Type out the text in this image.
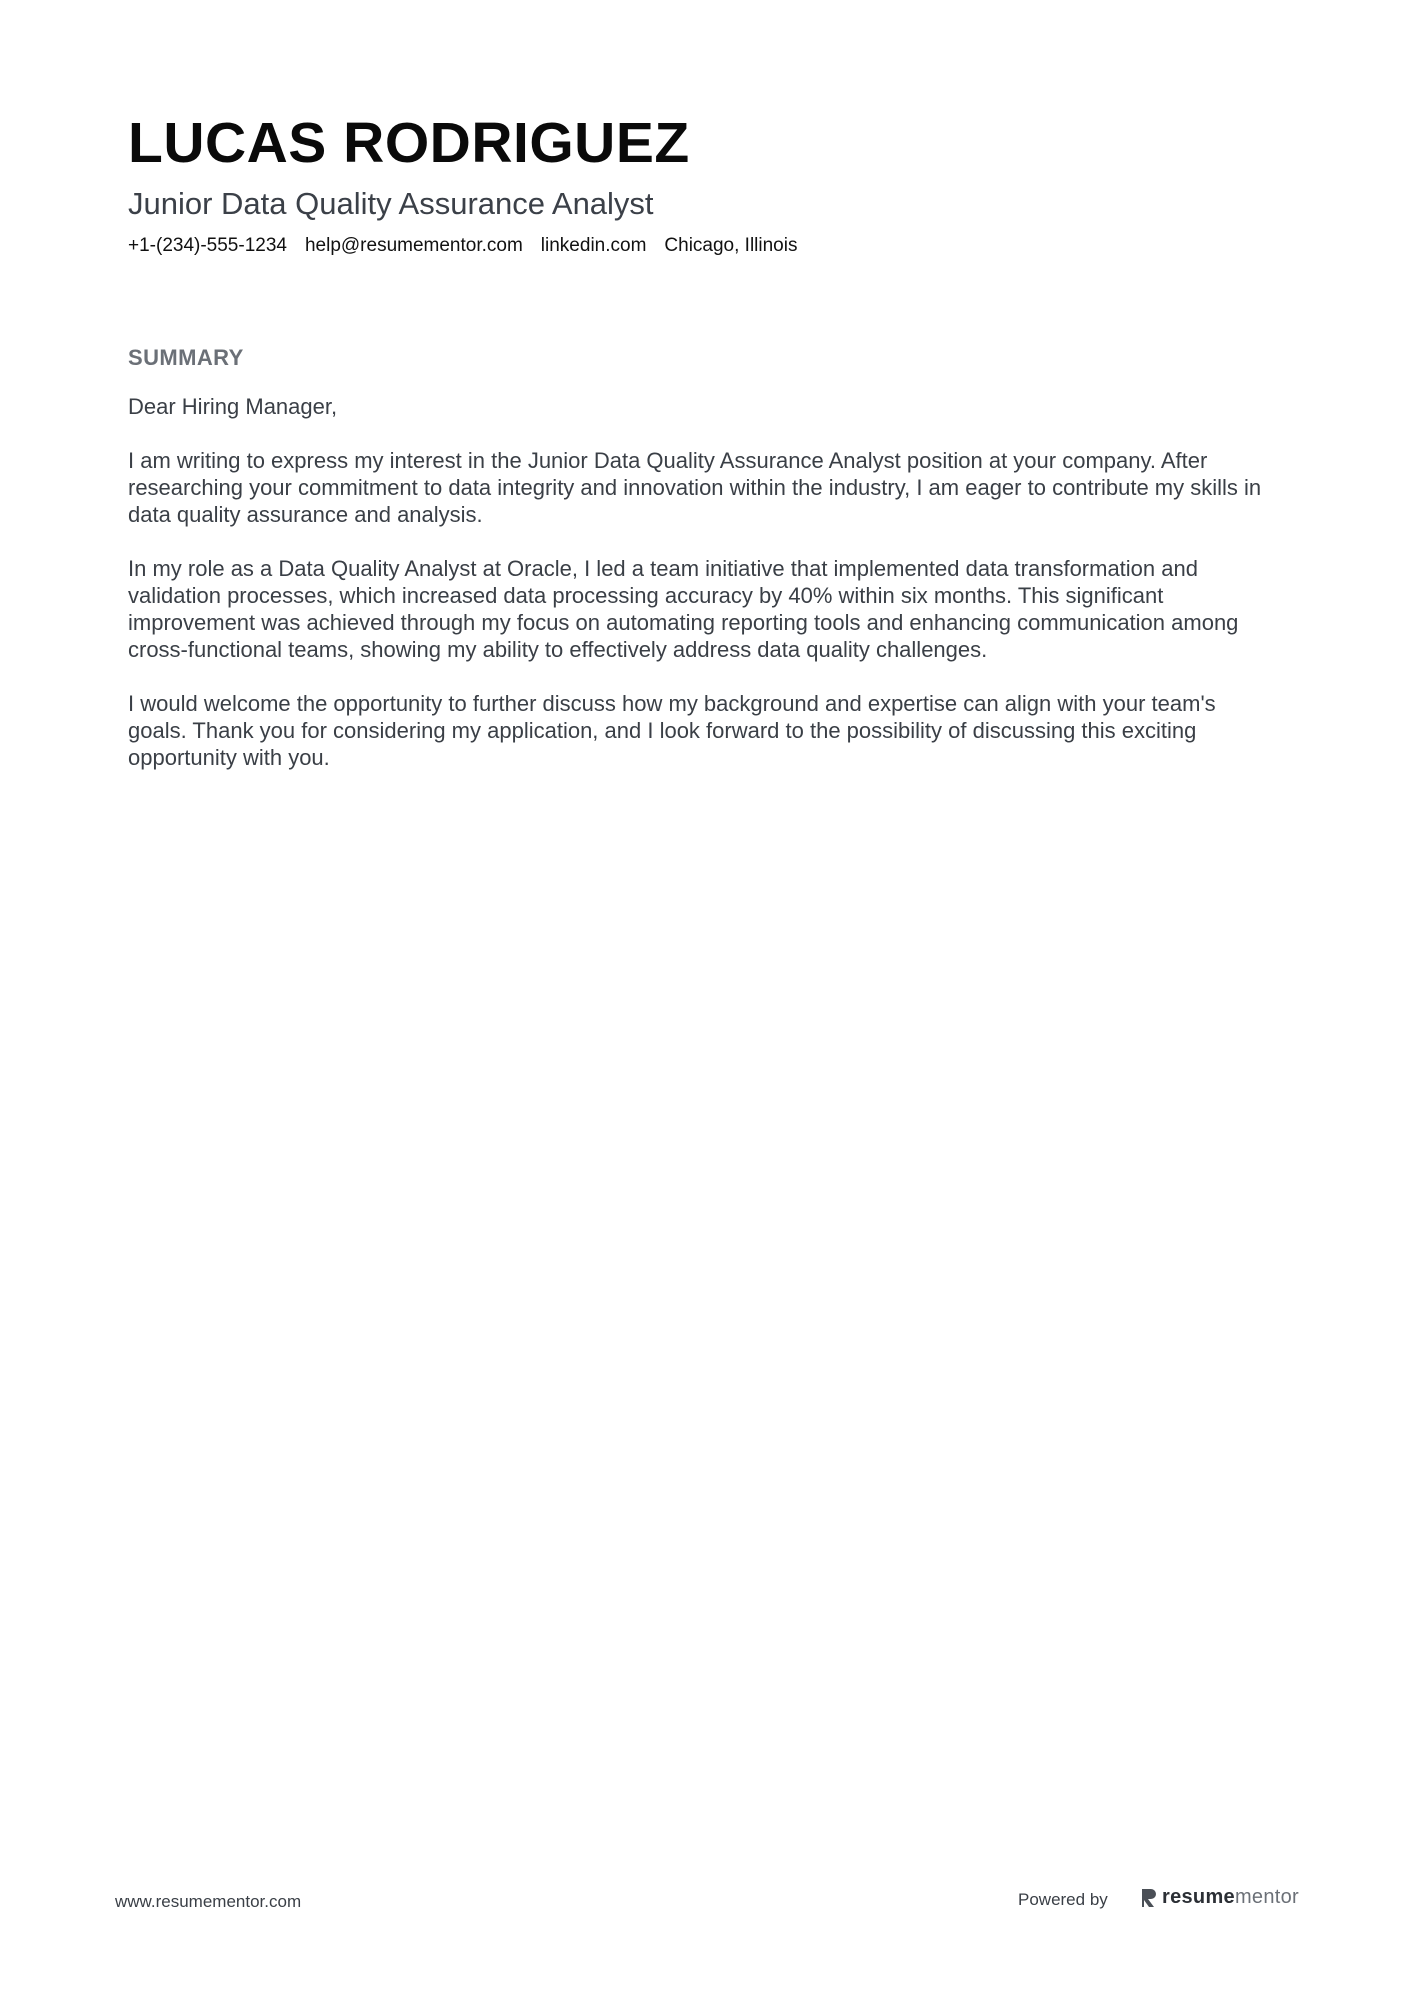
LUCAS RODRIGUEZ
Junior Data Quality Assurance Analyst
+1-(234)-555-1234 help@resumementor.com linkedin.com Chicago, Illinois
SUMMARY

Dear Hiring Manager,

I am writing to express my interest in the Junior Data Quality Assurance Analyst position at your company. After researching your commitment to data integrity and innovation within the industry, I am eager to contribute my skills in data quality assurance and analysis.

In my role as a Data Quality Analyst at Oracle, I led a team initiative that implemented data transformation and validation processes, which increased data processing accuracy by 40% within six months. This significant improvement was achieved through my focus on automating reporting tools and enhancing communication among cross-functional teams, showing my ability to effectively address data quality challenges.

I would welcome the opportunity to further discuss how my background and expertise can align with your team's goals. Thank you for considering my application, and I look forward to the possibility of discussing this exciting opportunity with you.

www.resumementor.com	Powered by	resumementor
